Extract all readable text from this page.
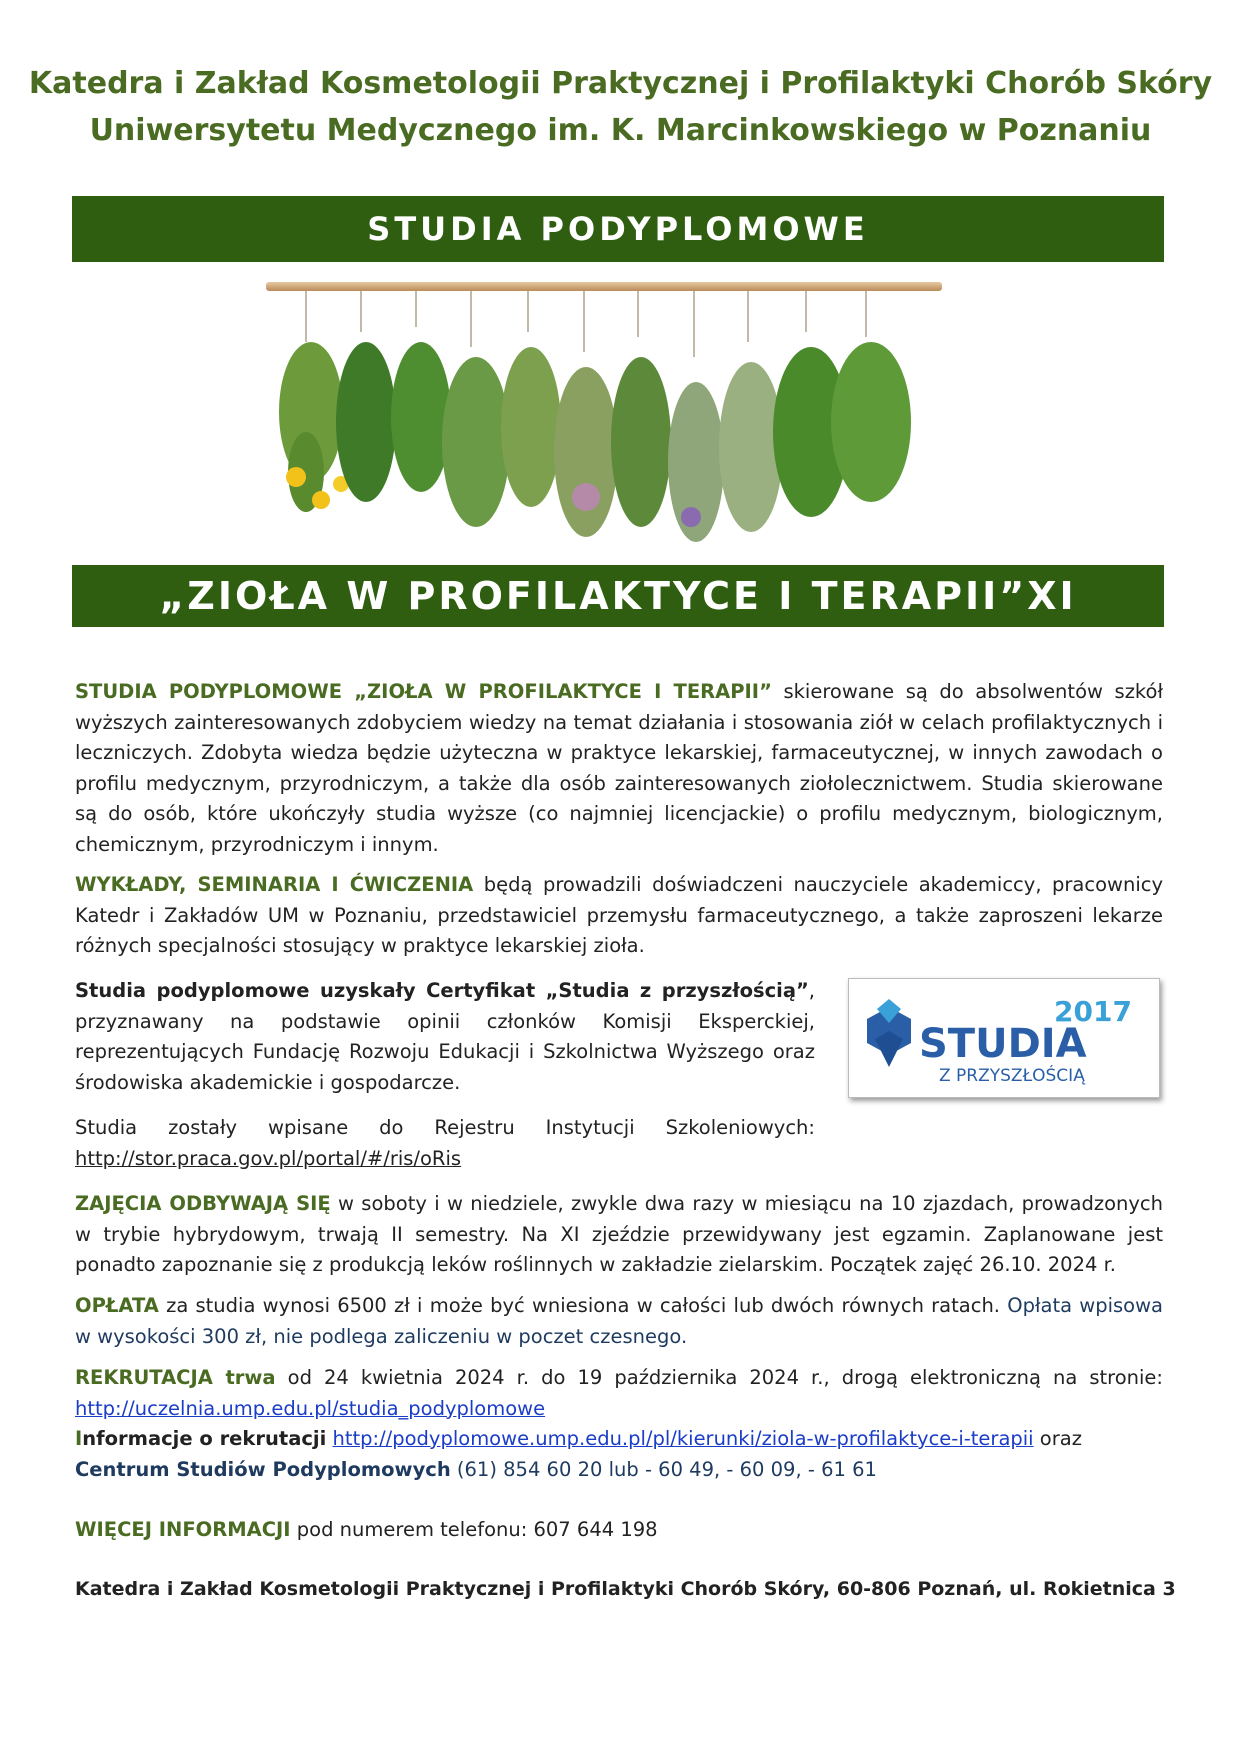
Katedra i Zakład Kosmetologii Praktycznej i Profilaktyki Chorób Skóry
Uniwersytetu Medycznego im. K. Marcinkowskiego w Poznaniu
STUDIA PODYPLOMOWE
„ZIOŁA W PROFILAKTYCE I TERAPII”XI EDYCJA
STUDIA PODYPLOMOWE „ZIOŁA W PROFILAKTYCE I TERAPII” skierowane są do absolwentów szkół wyższych zainteresowanych zdobyciem wiedzy na temat działania i stosowania ziół w celach profilaktycznych i leczniczych. Zdobyta wiedza będzie użyteczna w praktyce lekarskiej, farmaceutycznej, w innych zawodach o profilu medycznym, przyrodniczym, a także dla osób zainteresowanych ziołolecznictwem. Studia skierowane są do osób, które ukończyły studia wyższe (co najmniej licencjackie) o profilu medycznym, biologicznym, chemicznym, przyrodniczym i innym.
WYKŁADY, SEMINARIA I ĆWICZENIA będą prowadzili doświadczeni nauczyciele akademiccy, pracownicy Katedr i Zakładów UM w Poznaniu, przedstawiciel przemysłu farmaceutycznego, a także zaproszeni lekarze różnych specjalności stosujący w praktyce lekarskiej zioła.
Studia podyplomowe uzyskały Certyfikat „Studia z przyszłością”, przyznawany na podstawie opinii członków Komisji Eksperckiej, reprezentujących Fundację Rozwoju Edukacji i Szkolnictwa Wyższego oraz środowiska akademickie i gospodarcze.
2017
STUDIA
Z PRZYSZŁOŚCIĄ
Studia zostały wpisane do Rejestru Instytucji Szkoleniowych: http://stor.praca.gov.pl/portal/#/ris/oRis
ZAJĘCIA ODBYWAJĄ SIĘ w soboty i w niedziele, zwykle dwa razy w miesiącu na 10 zjazdach, prowadzonych w trybie hybrydowym, trwają II semestry. Na XI zjeździe przewidywany jest egzamin. Zaplanowane jest ponadto zapoznanie się z produkcją leków roślinnych w zakładzie zielarskim. Początek zajęć 26.10. 2024 r.
OPŁATA za studia wynosi 6500 zł i może być wniesiona w całości lub dwóch równych ratach. Opłata wpisowa w wysokości 300 zł, nie podlega zaliczeniu w poczet czesnego.
REKRUTACJA trwa od 24 kwietnia 2024 r. do 19 października 2024 r., drogą elektroniczną na stronie: http://uczelnia.ump.edu.pl/studia_podyplomowe
Informacje o rekrutacji http://podyplomowe.ump.edu.pl/pl/kierunki/ziola-w-profilaktyce-i-terapii oraz
Centrum Studiów Podyplomowych (61) 854 60 20 lub - 60 49, - 60 09, - 61 61
WIĘCEJ INFORMACJI pod numerem telefonu: 607 644 198
Katedra i Zakład Kosmetologii Praktycznej i Profilaktyki Chorób Skóry, 60-806 Poznań, ul. Rokietnica 3
